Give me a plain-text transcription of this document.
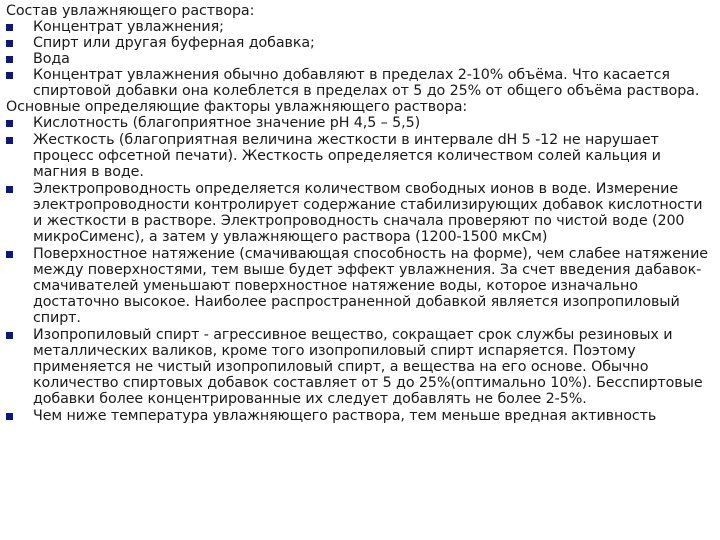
Состав увлажняющего раствора:
Концентрат увлажнения;
Спирт или другая буферная добавка;
Вода
Концентрат увлажнения обычно добавляют в пределах 2-10% объёма. Что касается спиртовой добавки она колеблется в пределах от 5 до 25% от общего объёма раствора.
Основные определяющие факторы увлажняющего раствора:
Кислотность (благоприятное значение рН 4,5 – 5,5)
Жесткость (благоприятная величина жесткости в интервале dН 5 -12 не нарушает процесс офсетной печати). Жесткость определяется количеством солей кальция и магния в воде.
Электропроводность определяется количеством свободных ионов в воде. Измерение электропроводности контролирует содержание стабилизирующих добавок кислотности и жесткости в растворе. Электропроводность сначала проверяют по чистой воде (200 микроСименс), а затем у увлажняющего раствора (1200-1500 мкСм)
Поверхностное натяжение (смачивающая способность на форме), чем слабее натяжение между поверхностями, тем выше будет эффект увлажнения. За счет введения дабавок-смачивателей уменьшают поверхностное натяжение воды, которое изначально достаточно высокое. Наиболее распространенной добавкой является изопропиловый спирт.
Изопропиловый спирт - агрессивное вещество, сокращает срок службы резиновых и металлических валиков, кроме того изопропиловый спирт испаряется. Поэтому применяется не чистый изопропиловый спирт, а вещества на его основе. Обычно количество спиртовых добавок составляет от 5 до 25%(оптимально 10%). Бесспиртовые добавки более концентрированные их следует добавлять не более 2-5%.
Чем ниже температура увлажняющего раствора, тем меньше вредная активность
